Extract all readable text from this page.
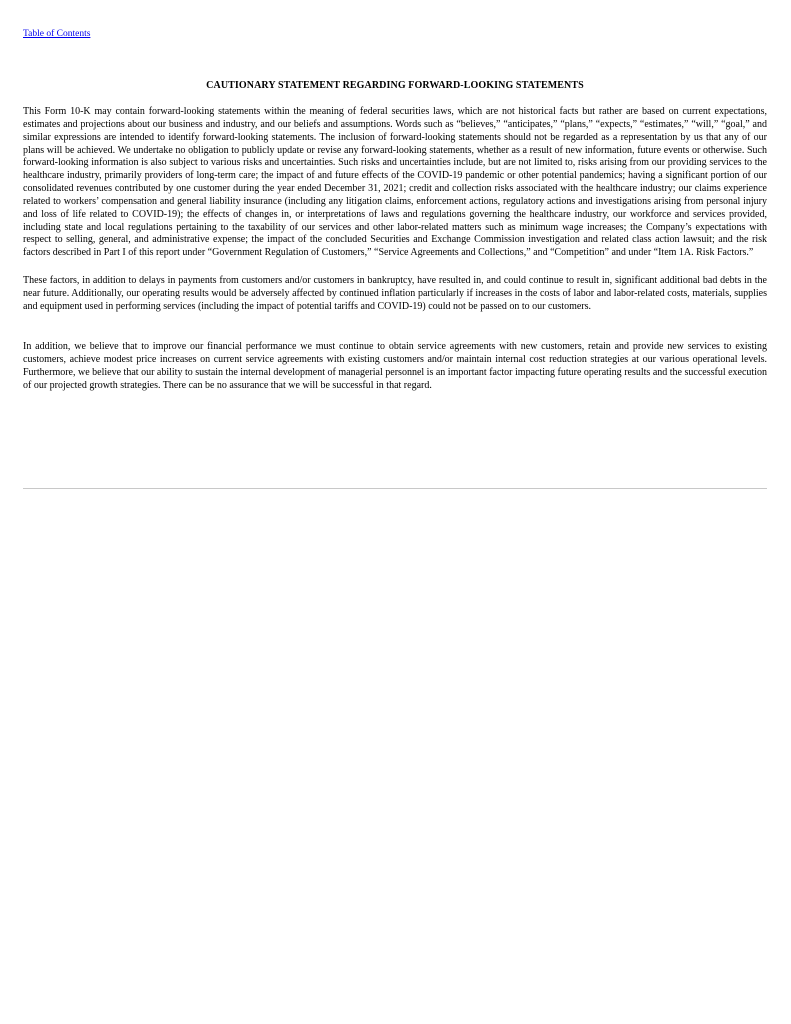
Table of Contents
CAUTIONARY STATEMENT REGARDING FORWARD-LOOKING STATEMENTS

This Form 10-K may contain forward-looking statements within the meaning of federal securities laws, which are not historical facts but rather are based on current expectations, estimates and projections about our business and industry, and our beliefs and assumptions. Words such as “believes,” “anticipates,” “plans,” “expects,” “estimates,” “will,” “goal,” and similar expressions are intended to identify forward-looking statements. The inclusion of forward-looking statements should not be regarded as a representation by us that any of our plans will be achieved. We undertake no obligation to publicly update or revise any forward-looking statements, whether as a result of new information, future events or otherwise. Such forward-looking information is also subject to various risks and uncertainties. Such risks and uncertainties include, but are not limited to, risks arising from our providing services to the healthcare industry, primarily providers of long-term care; the impact of and future effects of the COVID-19 pandemic or other potential pandemics; having a significant portion of our consolidated revenues contributed by one customer during the year ended December 31, 2021; credit and collection risks associated with the healthcare industry; our claims experience related to workers’ compensation and general liability insurance (including any litigation claims, enforcement actions, regulatory actions and investigations arising from personal injury and loss of life related to COVID-19); the effects of changes in, or interpretations of laws and regulations governing the healthcare industry, our workforce and services provided, including state and local regulations pertaining to the taxability of our services and other labor-related matters such as minimum wage increases; the Company’s expectations with respect to selling, general, and administrative expense; the impact of the concluded Securities and Exchange Commission investigation and related class action lawsuit; and the risk factors described in Part I of this report under “Government Regulation of Customers,” “Service Agreements and Collections,” and “Competition” and under “Item 1A. Risk Factors.”

These factors, in addition to delays in payments from customers and/or customers in bankruptcy, have resulted in, and could continue to result in, significant additional bad debts in the near future. Additionally, our operating results would be adversely affected by continued inflation particularly if increases in the costs of labor and labor-related costs, materials, supplies and equipment used in performing services (including the impact of potential tariffs and COVID-19) could not be passed on to our customers.

In addition, we believe that to improve our financial performance we must continue to obtain service agreements with new customers, retain and provide new services to existing customers, achieve modest price increases on current service agreements with existing customers and/or maintain internal cost reduction strategies at our various operational levels. Furthermore, we believe that our ability to sustain the internal development of managerial personnel is an important factor impacting future operating results and the successful execution of our projected growth strategies. There can be no assurance that we will be successful in that regard.
